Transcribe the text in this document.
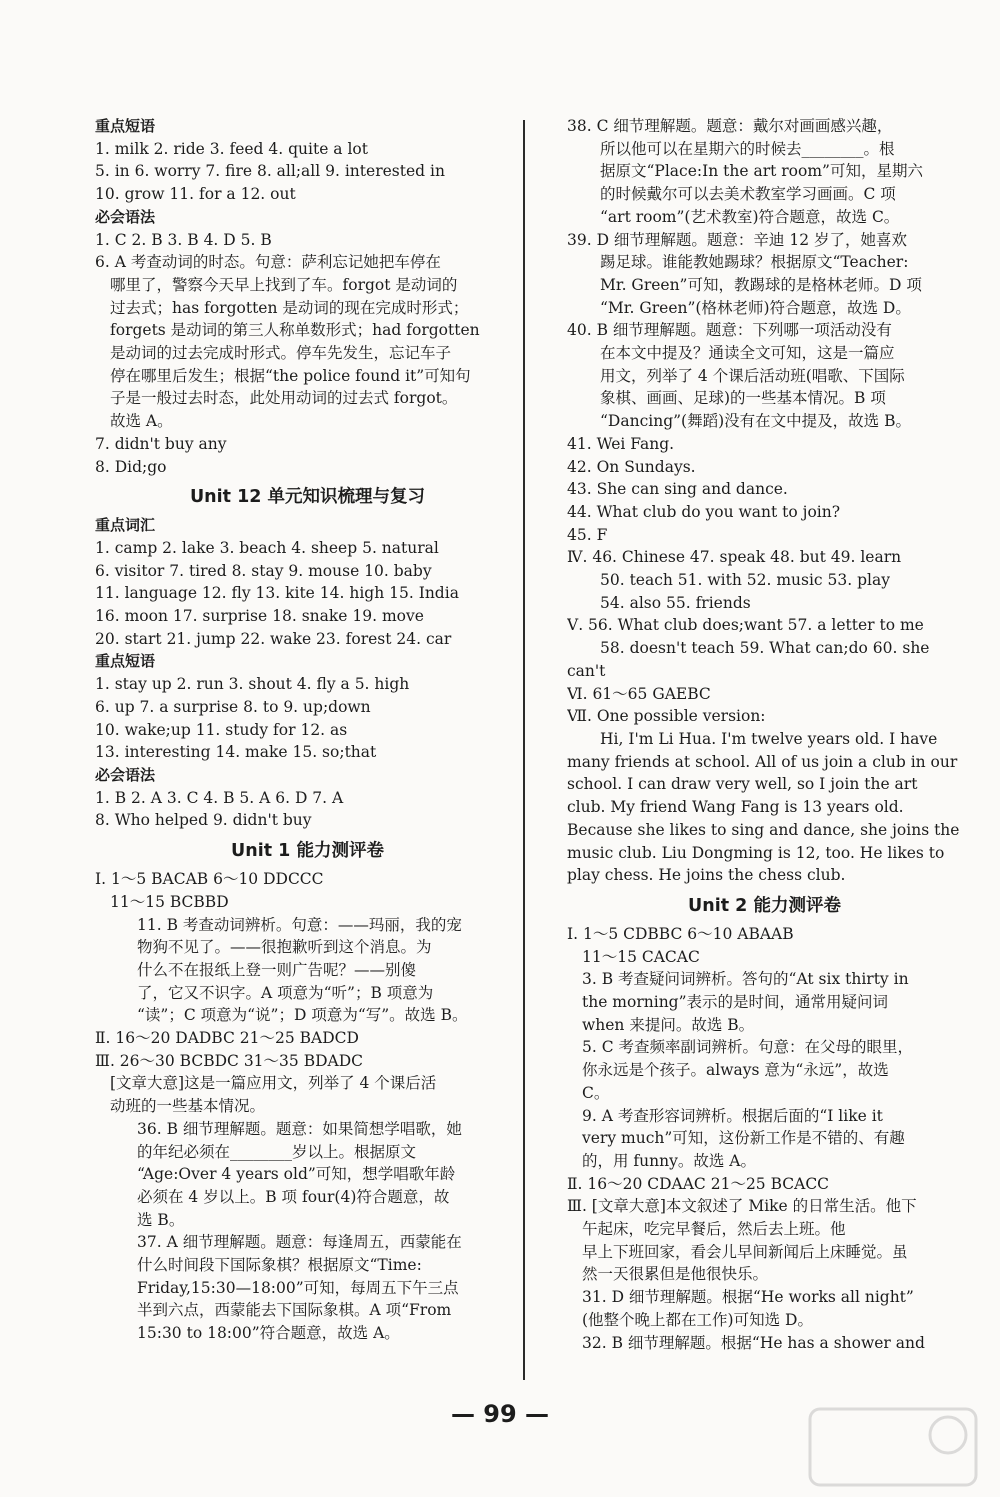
重点短语
1. milk 2. ride 3. feed 4. quite a lot
5. in 6. worry 7. fire 8. all;all 9. interested in
10. grow 11. for a 12. out
必会语法
1. C 2. B 3. B 4. D 5. B
6. A 考查动词的时态。句意：萨利忘记她把车停在
哪里了，警察今天早上找到了车。forgot 是动词的
过去式；has forgotten 是动词的现在完成时形式；
forgets 是动词的第三人称单数形式；had forgotten
是动词的过去完成时形式。停车先发生，忘记车子
停在哪里后发生；根据“the police found it”可知句
子是一般过去时态，此处用动词的过去式 forgot。
故选 A。
7. didn't buy any
8. Did;go
Unit 12 单元知识梳理与复习
重点词汇
1. camp 2. lake 3. beach 4. sheep 5. natural
6. visitor 7. tired 8. stay 9. mouse 10. baby
11. language 12. fly 13. kite 14. high 15. India
16. moon 17. surprise 18. snake 19. move
20. start 21. jump 22. wake 23. forest 24. car
重点短语
1. stay up 2. run 3. shout 4. fly a 5. high
6. up 7. a surprise 8. to 9. up;down
10. wake;up 11. study for 12. as
13. interesting 14. make 15. so;that
必会语法
1. B 2. A 3. C 4. B 5. A 6. D 7. A
8. Who helped 9. didn't buy
Unit 1 能力测评卷
Ⅰ. 1～5 BACAB 6～10 DDCCC
11～15 BCBBD
11. B 考查动词辨析。句意：——玛丽，我的宠
物狗不见了。——很抱歉听到这个消息。为
什么不在报纸上登一则广告呢？——别傻
了，它又不识字。A 项意为“听”；B 项意为
“读”；C 项意为“说”；D 项意为“写”。故选 B。
Ⅱ. 16～20 DADBC 21～25 BADCD
Ⅲ. 26～30 BCBDC 31～35 BDADC
[文章大意]这是一篇应用文，列举了 4 个课后活
动班的一些基本情况。
36. B 细节理解题。题意：如果简想学唱歌，她
的年纪必须在________岁以上。根据原文
“Age:Over 4 years old”可知，想学唱歌年龄
必须在 4 岁以上。B 项 four(4)符合题意，故
选 B。
37. A 细节理解题。题意：每逢周五，西蒙能在
什么时间段下国际象棋？根据原文“Time:
Friday,15:30—18:00”可知，每周五下午三点
半到六点，西蒙能去下国际象棋。A 项“From
15:30 to 18:00”符合题意，故选 A。
38. C 细节理解题。题意：戴尔对画画感兴趣，
所以他可以在星期六的时候去________。根
据原文“Place:In the art room”可知，星期六
的时候戴尔可以去美术教室学习画画。C 项
“art room”(艺术教室)符合题意，故选 C。
39. D 细节理解题。题意：辛迪 12 岁了，她喜欢
踢足球。谁能教她踢球？根据原文“Teacher:
Mr. Green”可知，教踢球的是格林老师。D 项
“Mr. Green”(格林老师)符合题意，故选 D。
40. B 细节理解题。题意：下列哪一项活动没有
在本文中提及？通读全文可知，这是一篇应
用文，列举了 4 个课后活动班(唱歌、下国际
象棋、画画、足球)的一些基本情况。B 项
“Dancing”(舞蹈)没有在文中提及，故选 B。
41. Wei Fang.
42. On Sundays.
43. She can sing and dance.
44. What club do you want to join?
45. F
Ⅳ. 46. Chinese 47. speak 48. but 49. learn
50. teach 51. with 52. music 53. play
54. also 55. friends
Ⅴ. 56. What club does;want 57. a letter to me
58. doesn't teach 59. What can;do 60. she
can't
Ⅵ. 61～65 GAEBC
Ⅶ. One possible version:
Hi, I'm Li Hua. I'm twelve years old. I have
many friends at school. All of us join a club in our
school. I can draw very well, so I join the art
club. My friend Wang Fang is 13 years old.
Because she likes to sing and dance, she joins the
music club. Liu Dongming is 12, too. He likes to
play chess. He joins the chess club.
Unit 2 能力测评卷
Ⅰ. 1～5 CDBBC 6～10 ABAAB
11～15 CACAC
3. B 考查疑问词辨析。答句的“At six thirty in
the morning”表示的是时间，通常用疑问词
when 来提问。故选 B。
5. C 考查频率副词辨析。句意：在父母的眼里，
你永远是个孩子。always 意为“永远”，故选
C。
9. A 考查形容词辨析。根据后面的“I like it
very much”可知，这份新工作是不错的、有趣
的，用 funny。故选 A。
Ⅱ. 16～20 CDAAC 21～25 BCACC
Ⅲ. [文章大意]本文叙述了 Mike 的日常生活。他下
午起床，吃完早餐后，然后去上班。他
早上下班回家，看会儿早间新闻后上床睡觉。虽
然一天很累但是他很快乐。
31. D 细节理解题。根据“He works all night”
(他整个晚上都在工作)可知选 D。
32. B 细节理解题。根据“He has a shower and
— 99 —
